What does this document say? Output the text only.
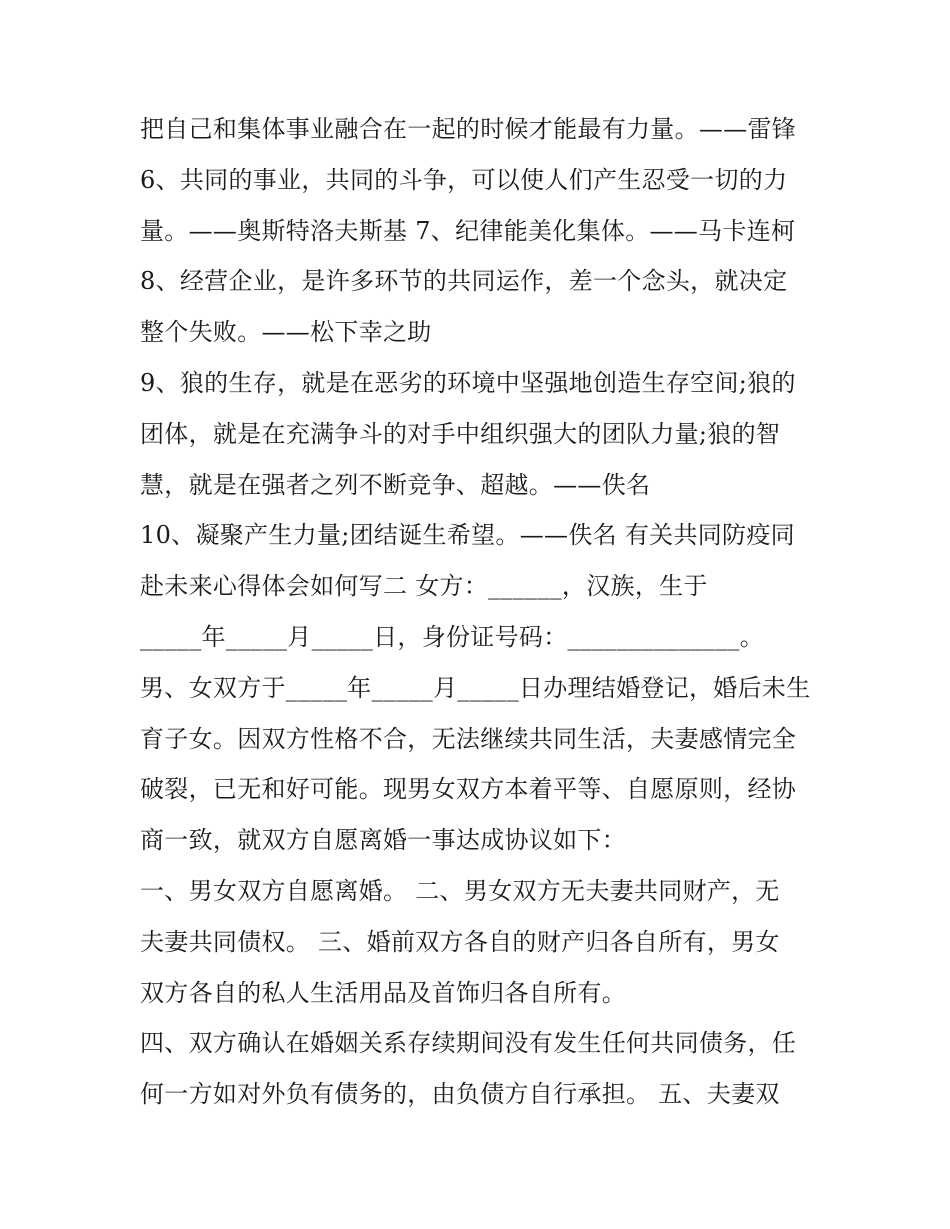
把自己和集体事业融合在一起的时候才能最有力量。——雷锋
6、共同的事业，共同的斗争，可以使人们产生忍受一切的力
量。——奥斯特洛夫斯基 7、纪律能美化集体。——马卡连柯
8、经营企业，是许多环节的共同运作，差一个念头，就决定
整个失败。——松下幸之助
9、狼的生存，就是在恶劣的环境中坚强地创造生存空间;狼的
团体，就是在充满争斗的对手中组织强大的团队力量;狼的智
慧，就是在强者之列不断竞争、超越。——佚名
10、凝聚产生力量;团结诞生希望。——佚名 有关共同防疫同
赴未来心得体会如何写二 女方：______，汉族，生于
_____年_____月_____日，身份证号码：______________。
男、女双方于_____年_____月_____日办理结婚登记，婚后未生
育子女。因双方性格不合，无法继续共同生活，夫妻感情完全
破裂，已无和好可能。现男女双方本着平等、自愿原则，经协
商一致，就双方自愿离婚一事达成协议如下：
一、男女双方自愿离婚。 二、男女双方无夫妻共同财产，无
夫妻共同债权。 三、婚前双方各自的财产归各自所有，男女
双方各自的私人生活用品及首饰归各自所有。
四、双方确认在婚姻关系存续期间没有发生任何共同债务，任
何一方如对外负有债务的，由负债方自行承担。 五、夫妻双
